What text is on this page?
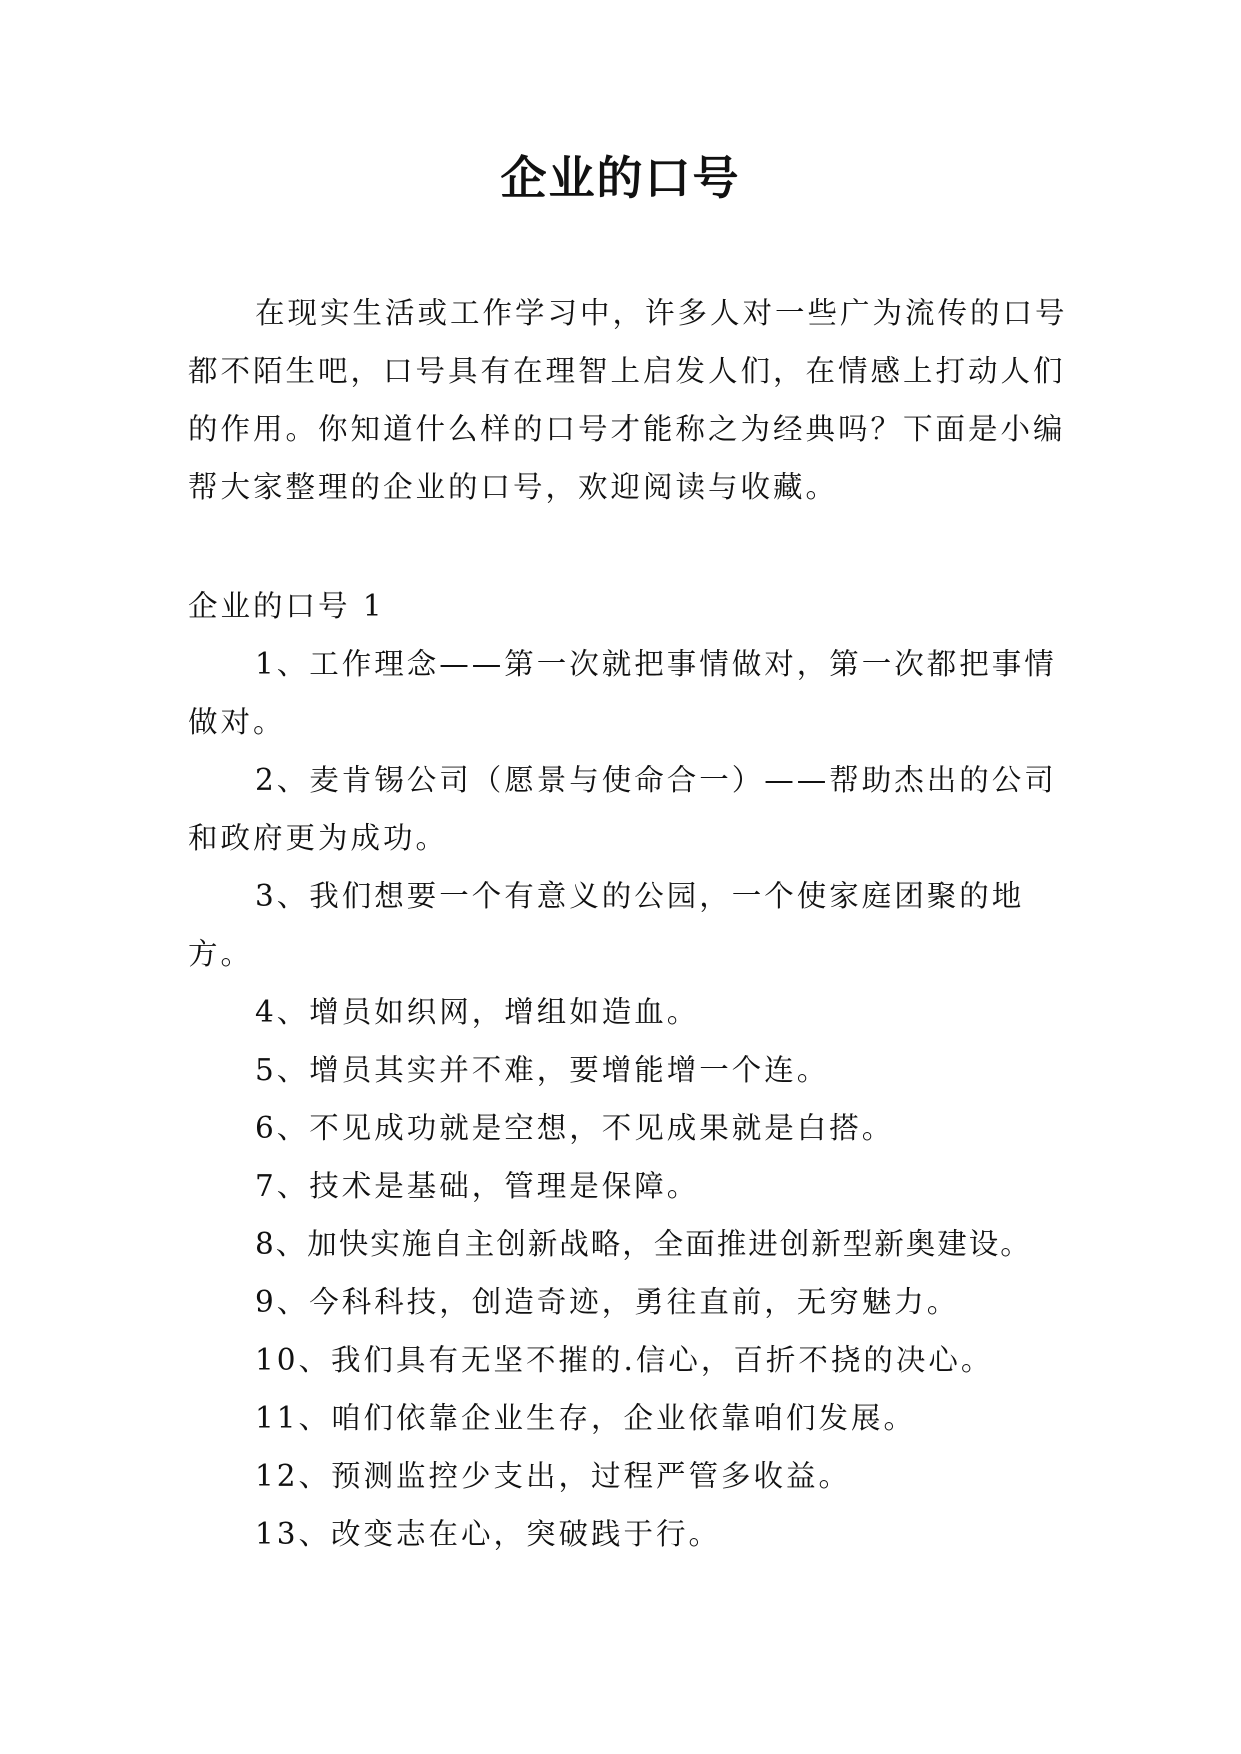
企业的口号

在现实生活或工作学习中，许多人对一些广为流传的口号都不陌生吧，口号具有在理智上启发人们，在情感上打动人们的作用。你知道什么样的口号才能称之为经典吗？下面是小编帮大家整理的企业的口号，欢迎阅读与收藏。

企业的口号 1

1、工作理念——第一次就把事情做对，第一次都把事情做对。

2、麦肯锡公司（愿景与使命合一）——帮助杰出的公司和政府更为成功。

3、我们想要一个有意义的公园，一个使家庭团聚的地方。

4、增员如织网，增组如造血。

5、增员其实并不难，要增能增一个连。

6、不见成功就是空想，不见成果就是白搭。

7、技术是基础，管理是保障。

8、加快实施自主创新战略，全面推进创新型新奥建设。

9、今科科技，创造奇迹，勇往直前，无穷魅力。

10、我们具有无坚不摧的.信心，百折不挠的决心。

11、咱们依靠企业生存，企业依靠咱们发展。

12、预测监控少支出，过程严管多收益。

13、改变志在心，突破践于行。
